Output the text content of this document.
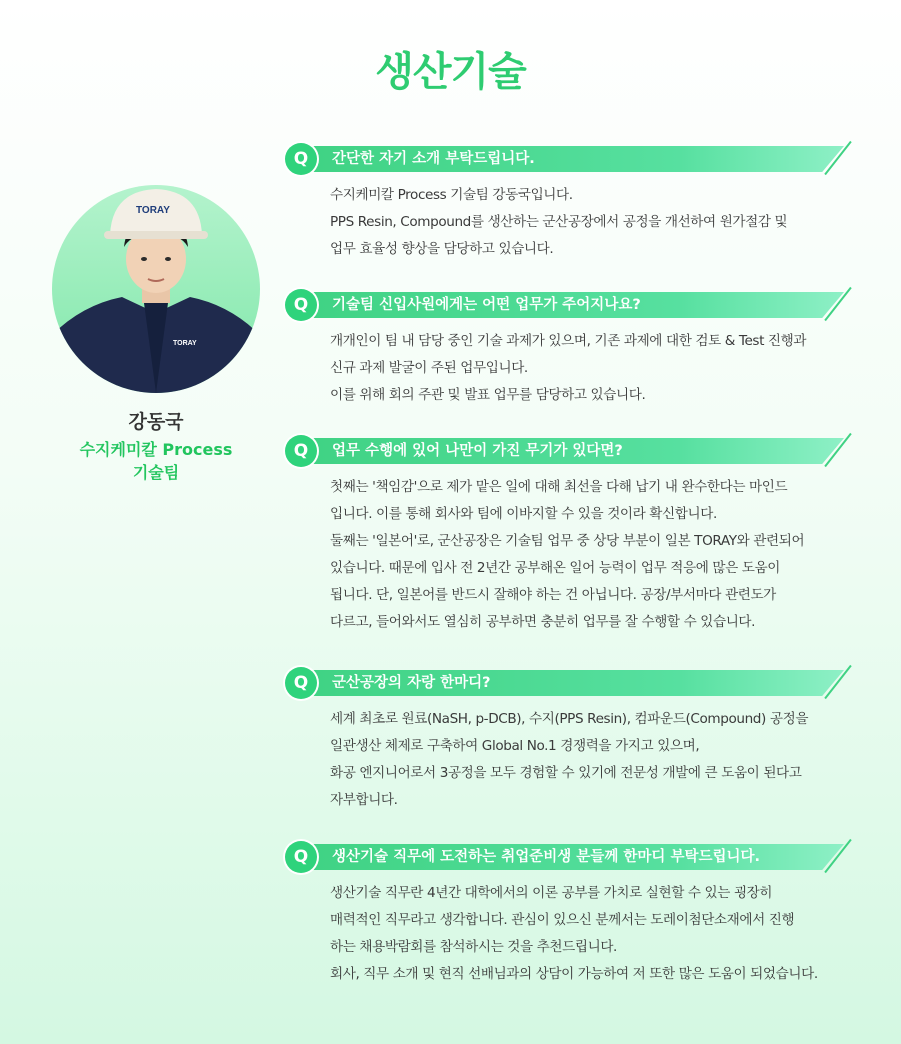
생산기술
TORAY
TORAY
강동국
수지케미칼 Process
기술팀
Q	간단한 자기 소개 부탁드립니다.

수지케미칼 Process 기술팀 강동국입니다.

PPS Resin, Compound를 생산하는 군산공장에서 공정을 개선하여 원가절감 및

업무 효율성 향상을 담당하고 있습니다.

Q	기술팀 신입사원에게는 어떤 업무가 주어지나요?

개개인이 팀 내 담당 중인 기술 과제가 있으며, 기존 과제에 대한 검토 & Test 진행과

신규 과제 발굴이 주된 업무입니다.

이를 위해 회의 주관 및 발표 업무를 담당하고 있습니다.

Q	업무 수행에 있어 나만이 가진 무기가 있다면?

첫째는 '책임감'으로 제가 맡은 일에 대해 최선을 다해 납기 내 완수한다는 마인드

입니다. 이를 통해 회사와 팀에 이바지할 수 있을 것이라 확신합니다.

둘째는 '일본어'로, 군산공장은 기술팀 업무 중 상당 부분이 일본 TORAY와 관련되어

있습니다. 때문에 입사 전 2년간 공부해온 일어 능력이 업무 적응에 많은 도움이

됩니다. 단, 일본어를 반드시 잘해야 하는 건 아닙니다. 공장/부서마다 관련도가

다르고, 들어와서도 열심히 공부하면 충분히 업무를 잘 수행할 수 있습니다.

Q	군산공장의 자랑 한마디?

세계 최초로 원료(NaSH, p-DCB), 수지(PPS Resin), 컴파운드(Compound) 공정을

일관생산 체제로 구축하여 Global No.1 경쟁력을 가지고 있으며,

화공 엔지니어로서 3공정을 모두 경험할 수 있기에 전문성 개발에 큰 도움이 된다고

자부합니다.

Q	생산기술 직무에 도전하는 취업준비생 분들께 한마디 부탁드립니다.

생산기술 직무란 4년간 대학에서의 이론 공부를 가치로 실현할 수 있는 굉장히

매력적인 직무라고 생각합니다. 관심이 있으신 분께서는 도레이첨단소재에서 진행

하는 채용박람회를 참석하시는 것을 추천드립니다.

회사, 직무 소개 및 현직 선배님과의 상담이 가능하여 저 또한 많은 도움이 되었습니다.
